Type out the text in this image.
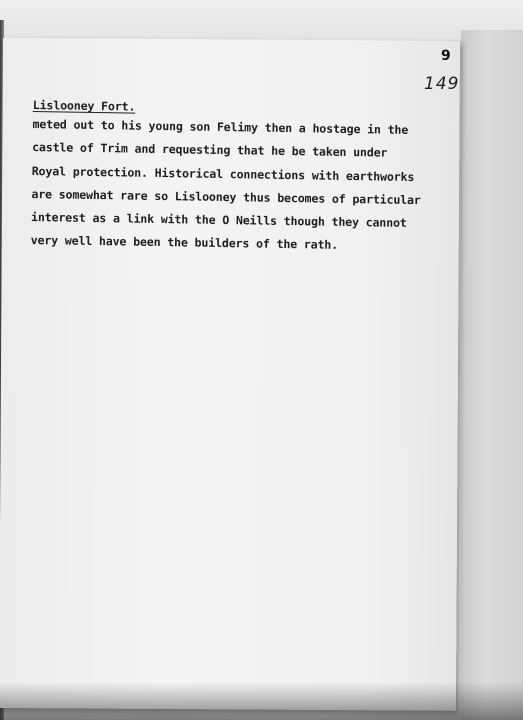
9
149
Lislooney Fort.
meted out to his young son Felimy then a hostage in the
castle of Trim and requesting that he be taken under
Royal protection. Historical connections with earthworks
are somewhat rare so Lislooney thus becomes of particular
interest as a link with the O Neills though they cannot
very well have been the builders of the rath.
